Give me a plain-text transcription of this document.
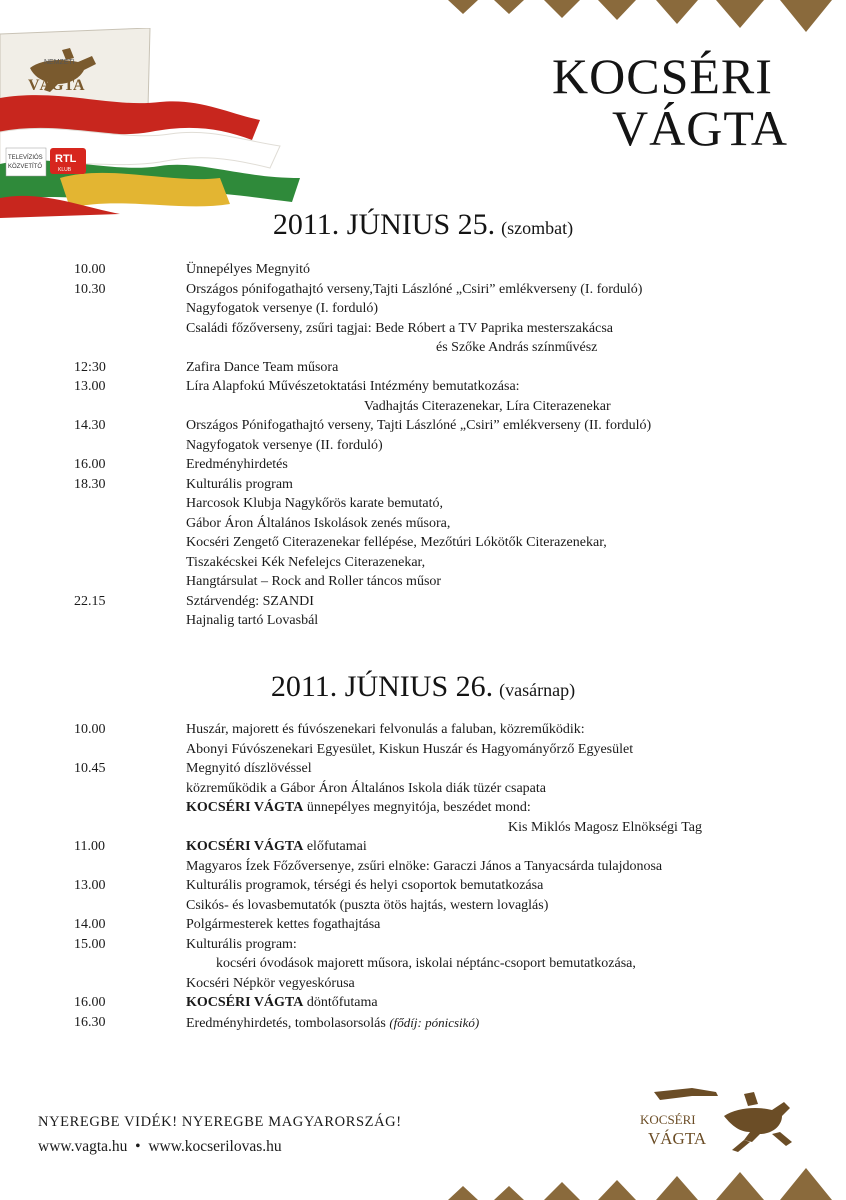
NEMZETI
VÁGTA
TELEVÍZIÓS
KÖZVETÍTŐ
RTL
KLUB
KOCSÉRI
VÁGTA
2011. JÚNIUS 25. (szombat)
10.00	Ünnepélyes Megnyitó
10.30	Országos pónifogathajtó verseny,Tajti Lászlóné „Csiri” emlékverseny (I. forduló)
Nagyfogatok versenye (I. forduló)
Családi főzőverseny, zsűri tagjai: Bede Róbert a TV Paprika mesterszakácsa
és Szőke András színművész
12:30	Zafira Dance Team műsora
13.00	Líra Alapfokú Művészetoktatási Intézmény bemutatkozása:
Vadhajtás Citerazenekar, Líra Citerazenekar
14.30	Országos Pónifogathajtó verseny, Tajti Lászlóné „Csiri” emlékverseny (II. forduló)
Nagyfogatok versenye (II. forduló)
16.00	Eredményhirdetés
18.30	Kulturális program
Harcosok Klubja Nagykőrös karate bemutató,
Gábor Áron Általános Iskolások zenés műsora,
Kocséri Zengető Citerazenekar fellépése, Mezőtúri Lókötők Citerazenekar,
Tiszakécskei Kék Nefelejcs Citerazenekar,
Hangtársulat – Rock and Roller táncos műsor
22.15	Sztárvendég: SZANDI
Hajnalig tartó Lovasbál
2011. JÚNIUS 26. (vasárnap)
10.00	Huszár, majorett és fúvószenekari felvonulás a faluban, közreműködik:
Abonyi Fúvószenekari Egyesület, Kiskun Huszár és Hagyományőrző Egyesület
10.45	Megnyitó díszlövéssel
közreműködik a Gábor Áron Általános Iskola diák tüzér csapata
KOCSÉRI VÁGTA ünnepélyes megnyitója, beszédet mond:
Kis Miklós Magosz Elnökségi Tag
11.00	KOCSÉRI VÁGTA előfutamai
Magyaros Ízek Főzőversenye, zsűri elnöke: Garaczi János a Tanyacsárda tulajdonosa
13.00	Kulturális programok, térségi és helyi csoportok bemutatkozása
Csikós- és lovasbemutatók (puszta ötös hajtás, western lovaglás)
14.00	Polgármesterek kettes fogathajtása
15.00	Kulturális program:
kocséri óvodások majorett műsora, iskolai néptánc-csoport bemutatkozása,
Kocséri Népkör vegyeskórusa
16.00	KOCSÉRI VÁGTA döntőfutama
16.30	Eredményhirdetés, tombolasorsolás (fődíj: pónicsikó)
NYEREGBE VIDÉK! NYEREGBE MAGYARORSZÁG!
www.vagta.hu  •  www.kocserilovas.hu
KOCSÉRI
VÁGTA
